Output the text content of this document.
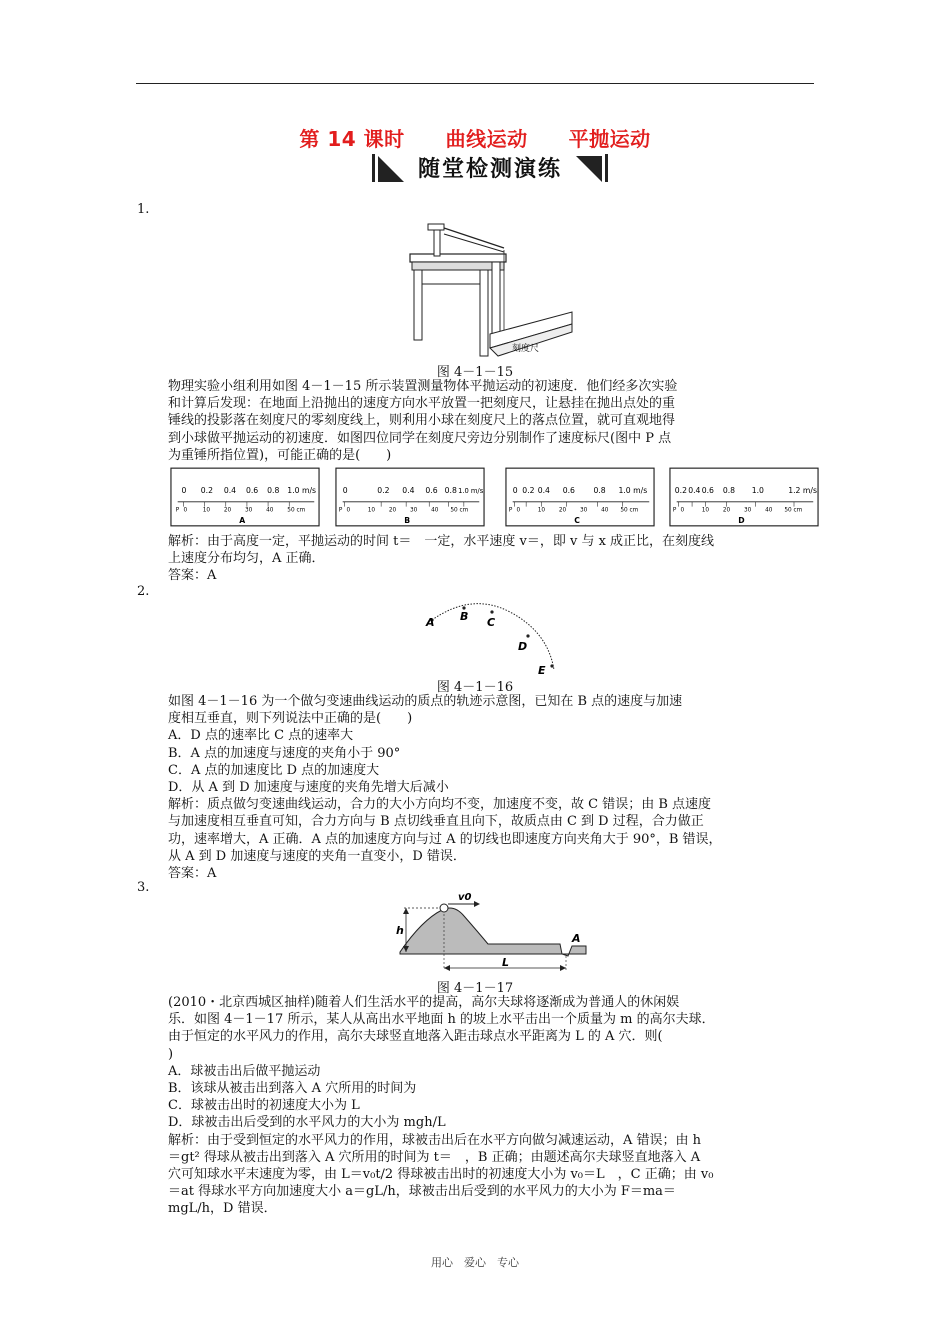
第 14 课时　　曲线运动　　平抛运动
随堂检测演练
1.
刻度尺
图 4－1－15

物理实验小组利用如图 4－1－15 所示装置测量物体平抛运动的初速度．他们经多次实验

和计算后发现：在地面上沿抛出的速度方向水平放置一把刻度尺，让悬挂在抛出点处的重

锤线的投影落在刻度尺的零刻度线上，则利用小球在刻度尺上的落点位置，就可直观地得

到小球做平抛运动的初速度．如图四位同学在刻度尺旁边分别制作了速度标尺(图中 P 点

为重锤所指位置)，可能正确的是(　　)

0 0.2 0.4 0.6 0.8 1.0 m/s
P 0	10 20 30 40 50 cm
A
0	0.2 0.4 0.6 0.8 1.0 m/s
P 0	10 20 30 40 50 cm
B
0 0.2 0.4 0.6 0.8 1.0 m/s
P 0	10 20 30 40 50 cm
C
0.2 0.4 0.6 0.8 1.0	1.2 m/s
P 0	10 20 30 40 50 cm
D

解析：由于高度一定，平抛运动的时间 t＝　一定，水平速度 v＝，即 v 与 x 成正比，在刻度线

上速度分布均匀，A 正确．

答案：A

2.
A B C
D
E
图 4－1－16

如图 4－1－16 为一个做匀变速曲线运动的质点的轨迹示意图，已知在 B 点的速度与加速

度相互垂直，则下列说法中正确的是(　　)

A．D 点的速率比 C 点的速率大

B．A 点的加速度与速度的夹角小于 90°

C．A 点的加速度比 D 点的加速度大

D．从 A 到 D 加速度与速度的夹角先增大后减小

解析：质点做匀变速曲线运动，合力的大小方向均不变，加速度不变，故 C 错误；由 B 点速度

与加速度相互垂直可知，合力方向与 B 点切线垂直且向下，故质点由 C 到 D 过程，合力做正

功，速率增大，A 正确．A 点的加速度方向与过 A 的切线也即速度方向夹角大于 90°，B 错误，

从 A 到 D 加速度与速度的夹角一直变小，D 错误．

答案：A

3.
v0
h
L
A
图 4－1－17

(2010・北京西城区抽样)随着人们生活水平的提高，高尔夫球将逐渐成为普通人的休闲娱

乐．如图 4－1－17 所示，某人从高出水平地面 h 的坡上水平击出一个质量为 m 的高尔夫球．

由于恒定的水平风力的作用，高尔夫球竖直地落入距击球点水平距离为 L 的 A 穴．则(

)

A．球被击出后做平抛运动

B．该球从被击出到落入 A 穴所用的时间为

C．球被击出时的初速度大小为 L

D．球被击出后受到的水平风力的大小为 mgh/L

解析：由于受到恒定的水平风力的作用，球被击出后在水平方向做匀减速运动，A 错误；由 h

＝gt² 得球从被击出到落入 A 穴所用的时间为 t＝　，B 正确；由题述高尔夫球竖直地落入 A

穴可知球水平末速度为零，由 L＝v₀t/2 得球被击出时的初速度大小为 v₀＝L　，C 正确；由 v₀

＝at 得球水平方向加速度大小 a＝gL/h，球被击出后受到的水平风力的大小为 F＝ma＝

mgL/h，D 错误．

用心　爱心　专心
